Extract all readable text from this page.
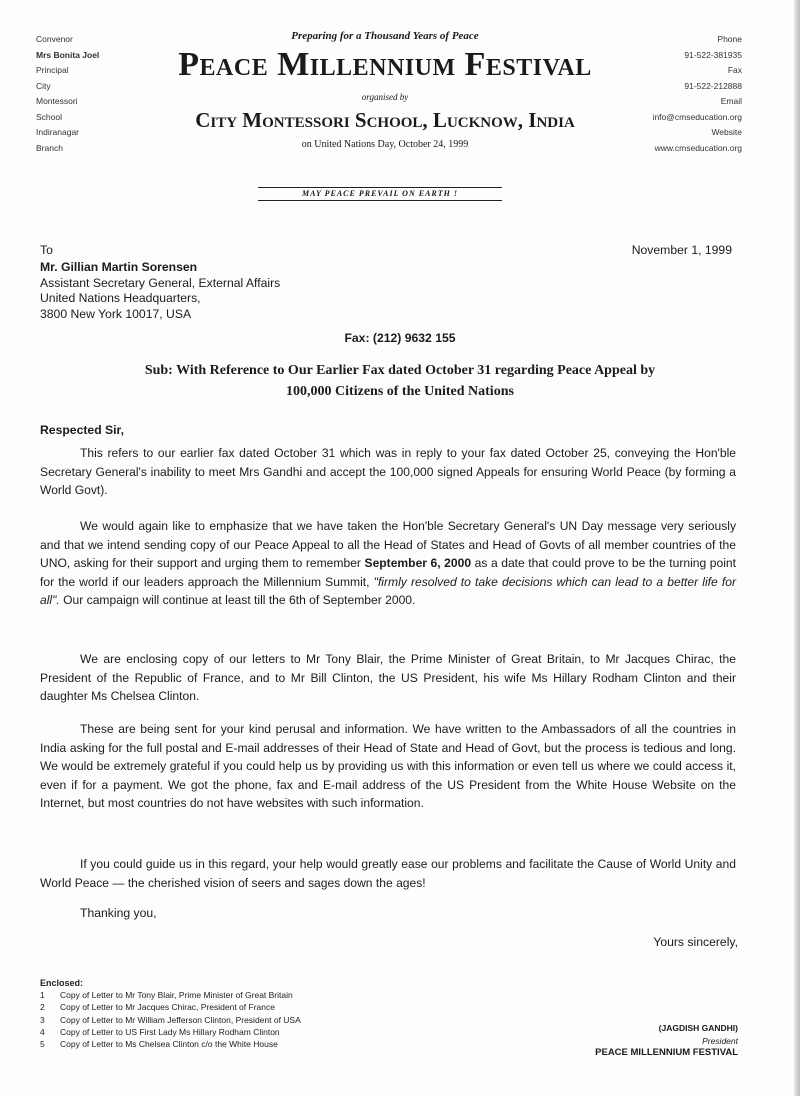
Convenor
Mrs Bonita Joel
Principal
City
Montessori
School
Indiranagar
Branch
Preparing for a Thousand Years of Peace
Peace Millennium Festival
organised by
City Montessori School, Lucknow, India
on United Nations Day, October 24, 1999
Phone
91-522-381935
Fax
91-522-212888
Email
info@cmseducation.org
Website
www.cmseducation.org
MAY PEACE PREVAIL ON EARTH !
To	November 1, 1999
Mr. Gillian Martin Sorensen
Assistant Secretary General, External Affairs
United Nations Headquarters,
3800 New York 10017, USA
Fax: (212) 9632 155
Sub: With Reference to Our Earlier Fax dated October 31 regarding Peace Appeal by
100,000 Citizens of the United Nations
Respected Sir,
This refers to our earlier fax dated October 31 which was in reply to your fax dated October 25, conveying the Hon'ble Secretary General's inability to meet Mrs Gandhi and accept the 100,000 signed Appeals for ensuring World Peace (by forming a World Govt).
We would again like to emphasize that we have taken the Hon'ble Secretary General's UN Day message very seriously and that we intend sending copy of our Peace Appeal to all the Head of States and Head of Govts of all member countries of the UNO, asking for their support and urging them to remember September 6, 2000 as a date that could prove to be the turning point for the world if our leaders approach the Millennium Summit, "firmly resolved to take decisions which can lead to a better life for all". Our campaign will continue at least till the 6th of September 2000.
We are enclosing copy of our letters to Mr Tony Blair, the Prime Minister of Great Britain, to Mr Jacques Chirac, the President of the Republic of France, and to Mr Bill Clinton, the US President, his wife Ms Hillary Rodham Clinton and their daughter Ms Chelsea Clinton.
These are being sent for your kind perusal and information. We have written to the Ambassadors of all the countries in India asking for the full postal and E-mail addresses of their Head of State and Head of Govt, but the process is tedious and long. We would be extremely grateful if you could help us by providing us with this information or even tell us where we could access it, even if for a payment. We got the phone, fax and E-mail address of the US President from the White House Website on the Internet, but most countries do not have websites with such information.
If you could guide us in this regard, your help would greatly ease our problems and facilitate the Cause of World Unity and World Peace — the cherished vision of seers and sages down the ages!
Thanking you,
Yours sincerely,
Enclosed:
1 Copy of Letter to Mr Tony Blair, Prime Minister of Great Britain
2 Copy of Letter to Mr Jacques Chirac, President of France
3 Copy of Letter to Mr William Jefferson Clinton, President of USA
4 Copy of Letter to US First Lady Ms Hillary Rodham Clinton
5 Copy of Letter to Ms Chelsea Clinton c/o the White House
(JAGDISH GANDHI)
President
PEACE MILLENNIUM FESTIVAL
